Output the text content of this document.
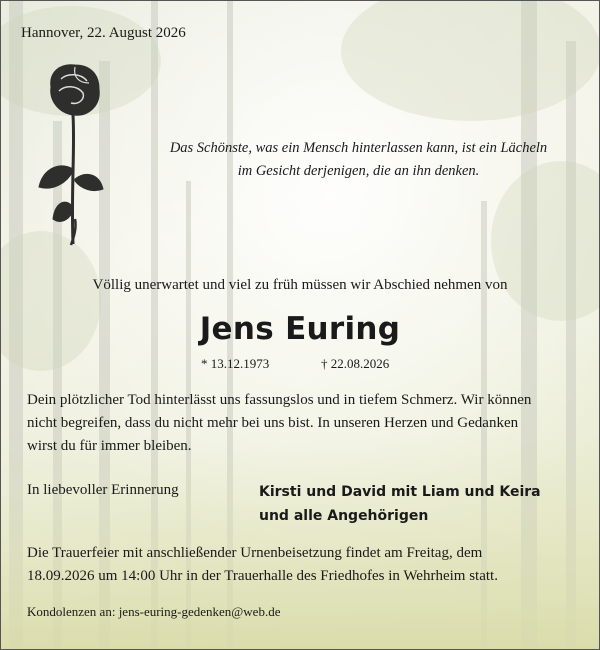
Hannover, 22. August 2026
Das Schönste, was ein Mensch hinterlassen kann, ist ein Lächeln
im Gesicht derjenigen, die an ihn denken.
Völlig unerwartet und viel zu früh müssen wir Abschied nehmen von
Jens Euring
* 13.12.1973	† 22.08.2026
Dein plötzlicher Tod hinterlässt uns fassungslos und in tiefem Schmerz. Wir können
nicht begreifen, dass du nicht mehr bei uns bist. In unseren Herzen und Gedanken
wirst du für immer bleiben.
In liebevoller Erinnerung	Kirsti und David mit Liam und Keira
und alle Angehörigen
Die Trauerfeier mit anschließender Urnenbeisetzung findet am Freitag, dem
18.09.2026 um 14:00 Uhr in der Trauerhalle des Friedhofes in Wehrheim statt.
Kondolenzen an: jens-euring-gedenken@web.de
